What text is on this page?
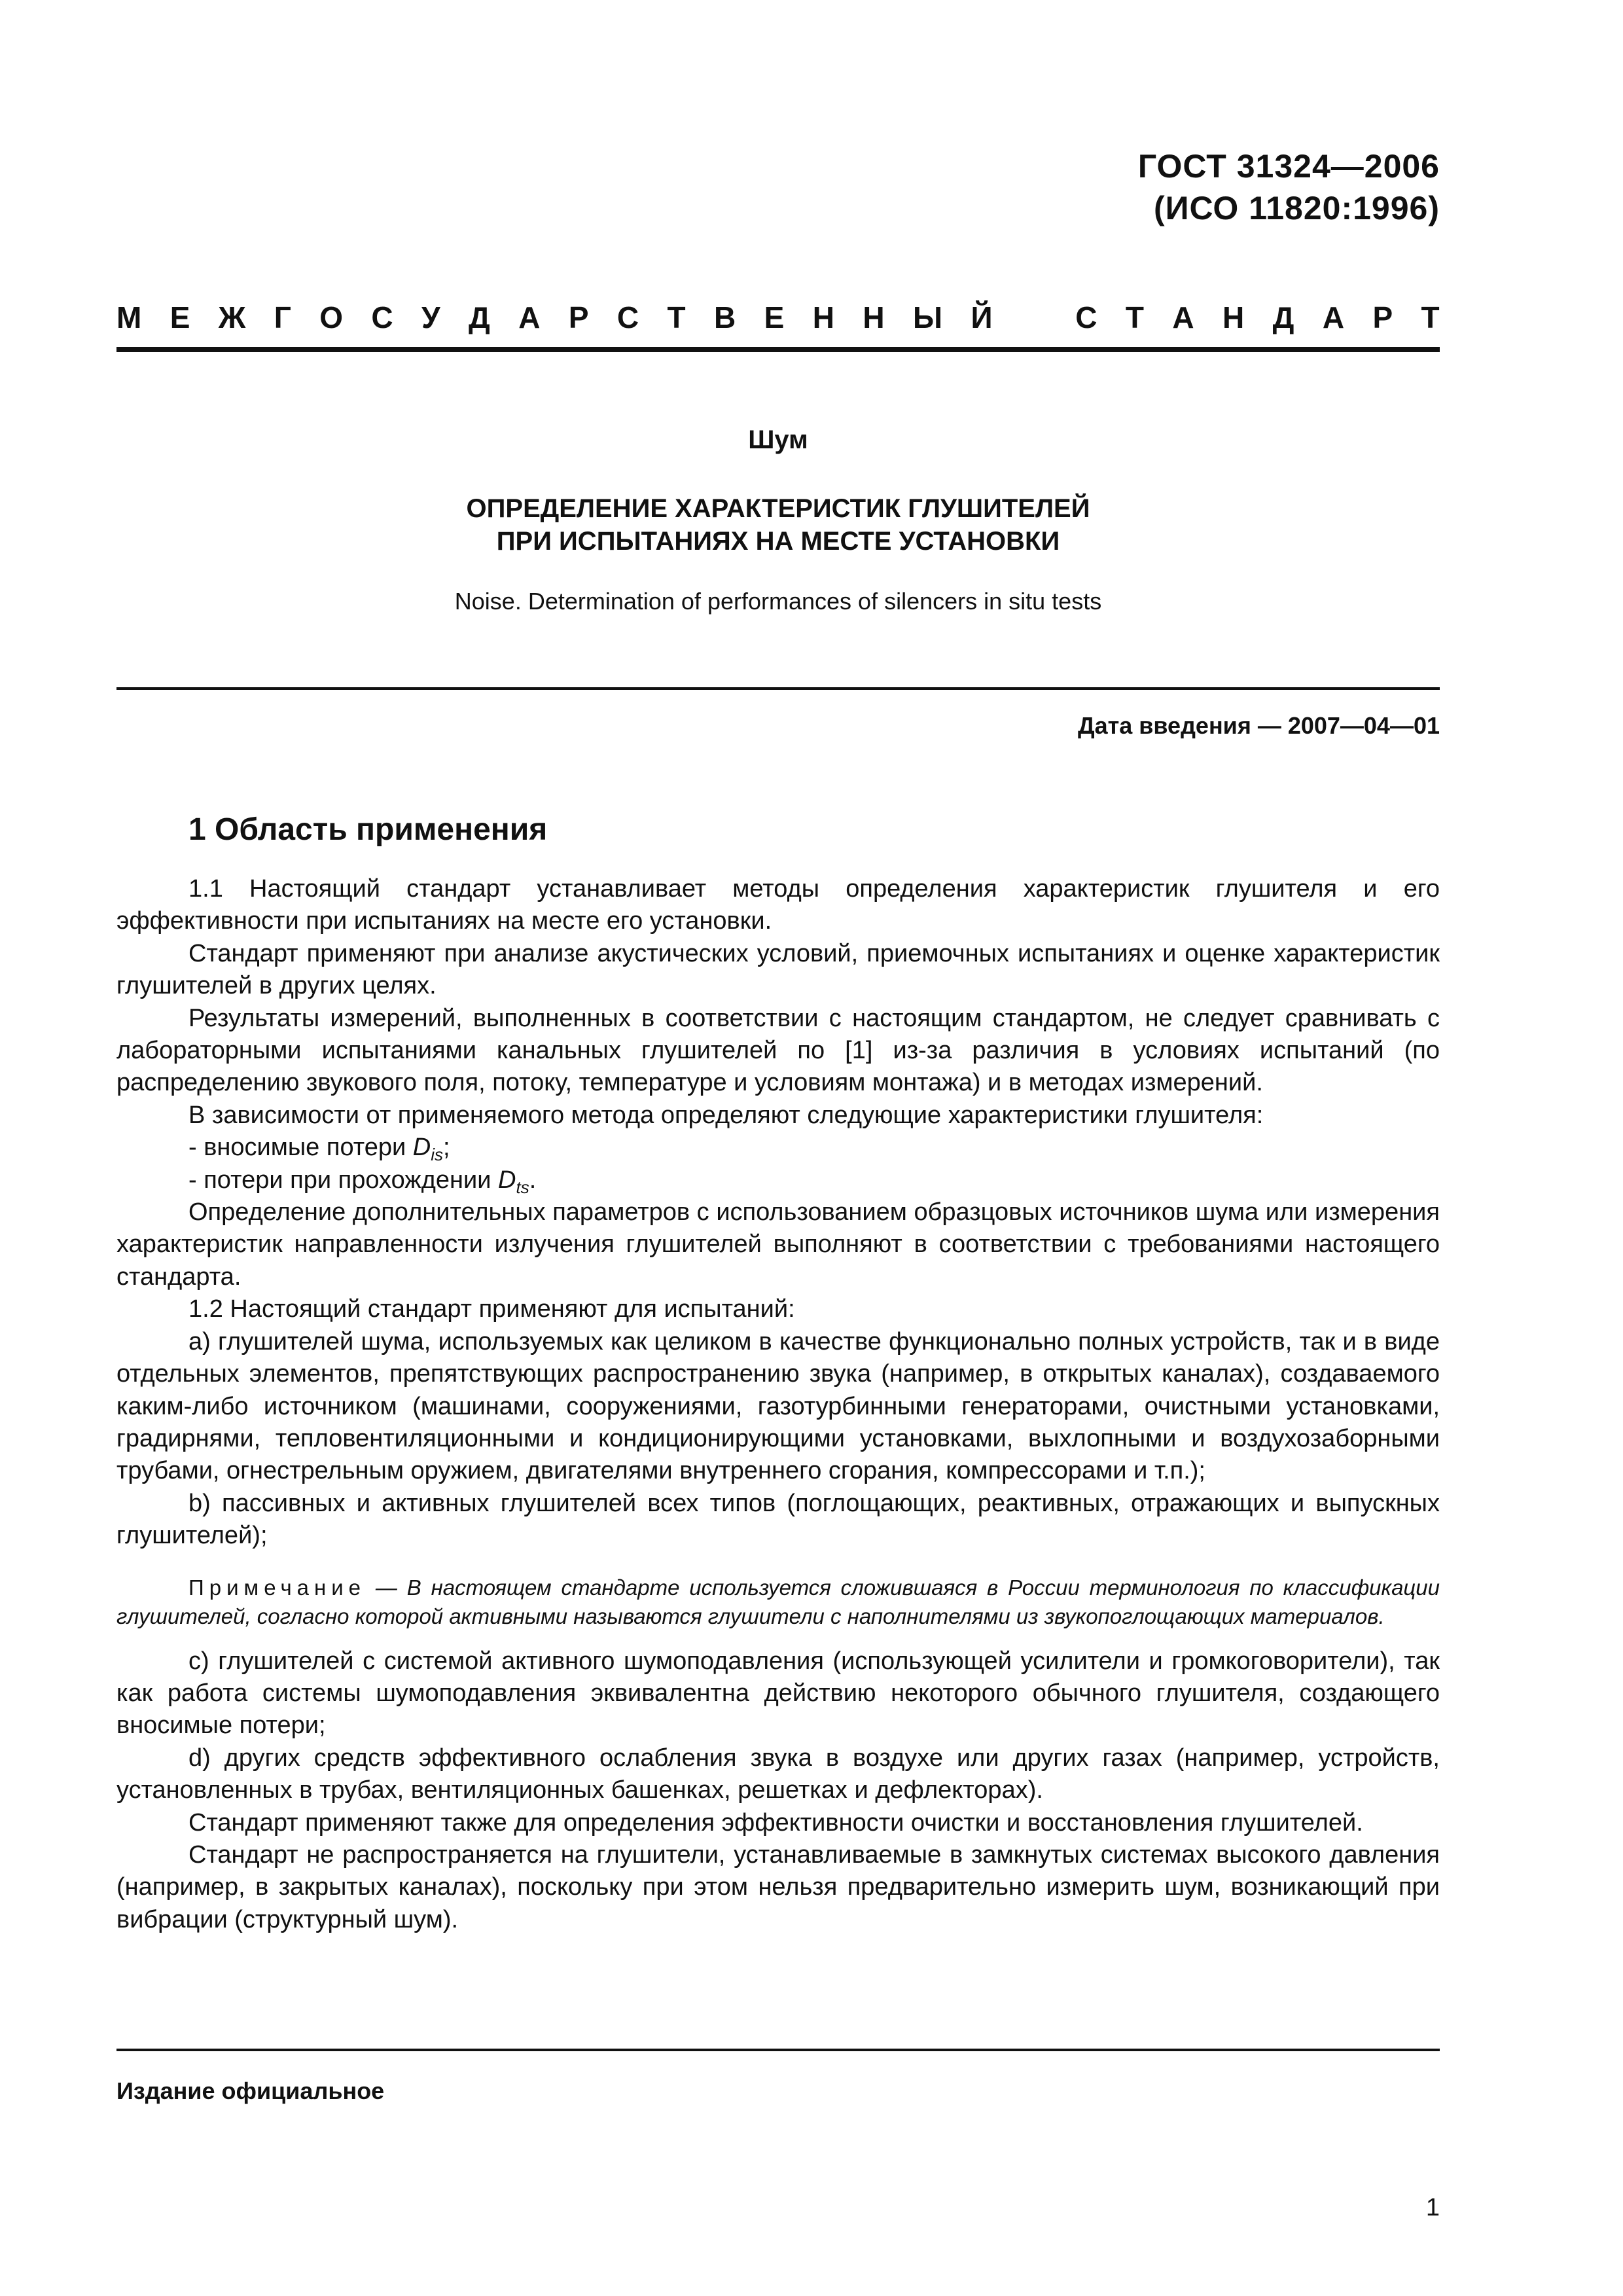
ГОСТ 31324—2006
(ИСО 11820:1996)
М Е Ж Г О С У Д А Р С Т В Е Н Н Ы Й	С Т А Н Д А Р Т
Шум
ОПРЕДЕЛЕНИЕ ХАРАКТЕРИСТИК ГЛУШИТЕЛЕЙ
ПРИ ИСПЫТАНИЯХ НА МЕСТЕ УСТАНОВКИ
Noise. Determination of performances of silencers in situ tests
Дата введения — 2007—04—01
1 Область применения

1.1 Настоящий стандарт устанавливает методы определения характеристик глушителя и его эффективности при испытаниях на месте его установки.

Стандарт применяют при анализе акустических условий, приемочных испытаниях и оценке характеристик глушителей в других целях.

Результаты измерений, выполненных в соответствии с настоящим стандартом, не следует сравнивать с лабораторными испытаниями канальных глушителей по [1] из-за различия в условиях испытаний (по распределению звукового поля, потоку, температуре и условиям монтажа) и в методах измерений.

В зависимости от применяемого метода определяют следующие характеристики глушителя:

- вносимые потери $D_{is}$;

- потери при прохождении $D_{ts}$.

Определение дополнительных параметров с использованием образцовых источников шума или измерения характеристик направленности излучения глушителей выполняют в соответствии с требованиями настоящего стандарта.

1.2 Настоящий стандарт применяют для испытаний:

а) глушителей шума, используемых как целиком в качестве функционально полных устройств, так и в виде отдельных элементов, препятствующих распространению звука (например, в открытых каналах), создаваемого каким-либо источником (машинами, сооружениями, газотурбинными генераторами, очистными установками, градирнями, тепловентиляционными и кондиционирующими установками, выхлопными и воздухозаборными трубами, огнестрельным оружием, двигателями внутреннего сгорания, компрессорами и т.п.);

b) пассивных и активных глушителей всех типов (поглощающих, реактивных, отражающих и выпускных глушителей);

Примечание — В настоящем стандарте используется сложившаяся в России терминология по классификации глушителей, согласно которой активными называются глушители с наполнителями из звукопоглощающих материалов.

с) глушителей с системой активного шумоподавления (использующей усилители и громкоговорители), так как работа системы шумоподавления эквивалентна действию некоторого обычного глушителя, создающего вносимые потери;

d) других средств эффективного ослабления звука в воздухе или других газах (например, устройств, установленных в трубах, вентиляционных башенках, решетках и дефлекторах).

Стандарт применяют также для определения эффективности очистки и восстановления глушителей.

Стандарт не распространяется на глушители, устанавливаемые в замкнутых системах высокого давления (например, в закрытых каналах), поскольку при этом нельзя предварительно измерить шум, возникающий при вибрации (структурный шум).

Издание официальное
1
